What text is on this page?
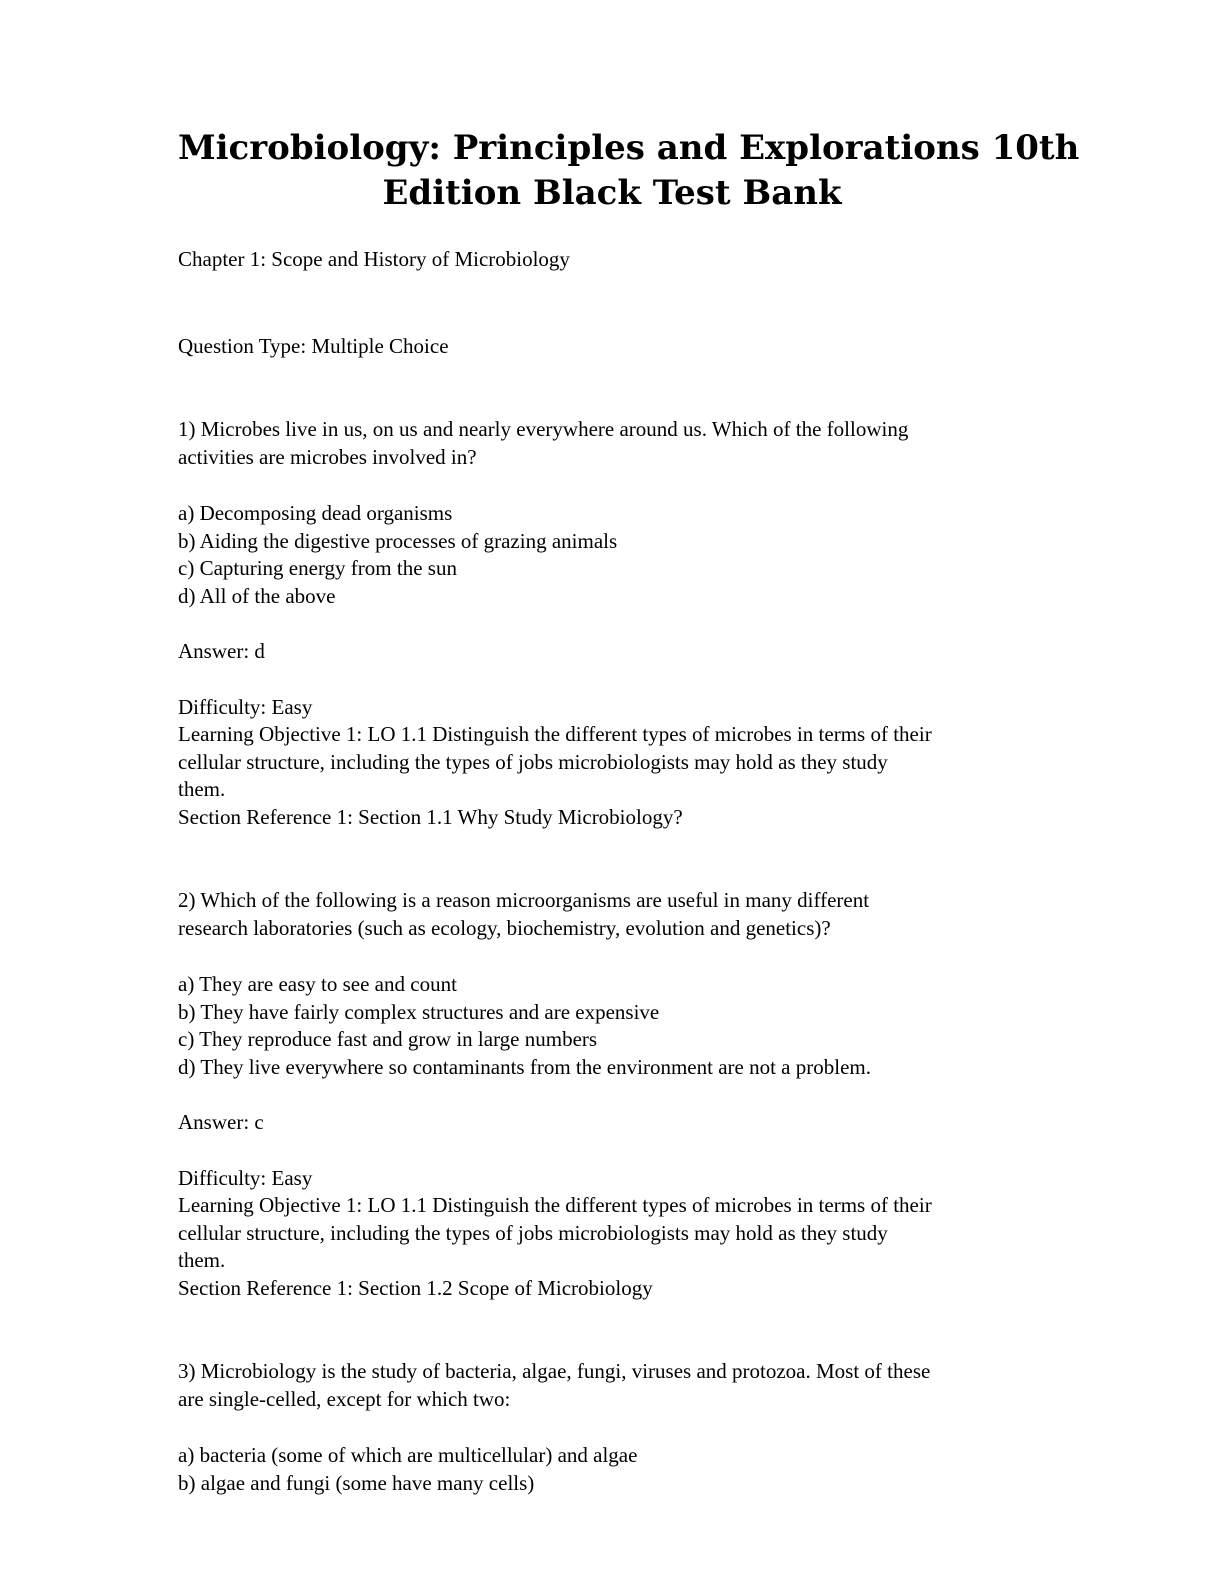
Microbiology: Principles and Explorations 10th
Edition Black Test Bank
Chapter 1: Scope and History of Microbiology
Question Type: Multiple Choice
1) Microbes live in us, on us and nearly everywhere around us. Which of the following
activities are microbes involved in?
a) Decomposing dead organisms
b) Aiding the digestive processes of grazing animals
c) Capturing energy from the sun
d) All of the above
Answer: d
Difficulty: Easy
Learning Objective 1: LO 1.1 Distinguish the different types of microbes in terms of their
cellular structure, including the types of jobs microbiologists may hold as they study
them.
Section Reference 1: Section 1.1 Why Study Microbiology?
2) Which of the following is a reason microorganisms are useful in many different
research laboratories (such as ecology, biochemistry, evolution and genetics)?
a) They are easy to see and count
b) They have fairly complex structures and are expensive
c) They reproduce fast and grow in large numbers
d) They live everywhere so contaminants from the environment are not a problem.
Answer: c
Difficulty: Easy
Learning Objective 1: LO 1.1 Distinguish the different types of microbes in terms of their
cellular structure, including the types of jobs microbiologists may hold as they study
them.
Section Reference 1: Section 1.2 Scope of Microbiology
3) Microbiology is the study of bacteria, algae, fungi, viruses and protozoa. Most of these
are single-celled, except for which two:
a) bacteria (some of which are multicellular) and algae
b) algae and fungi (some have many cells)
